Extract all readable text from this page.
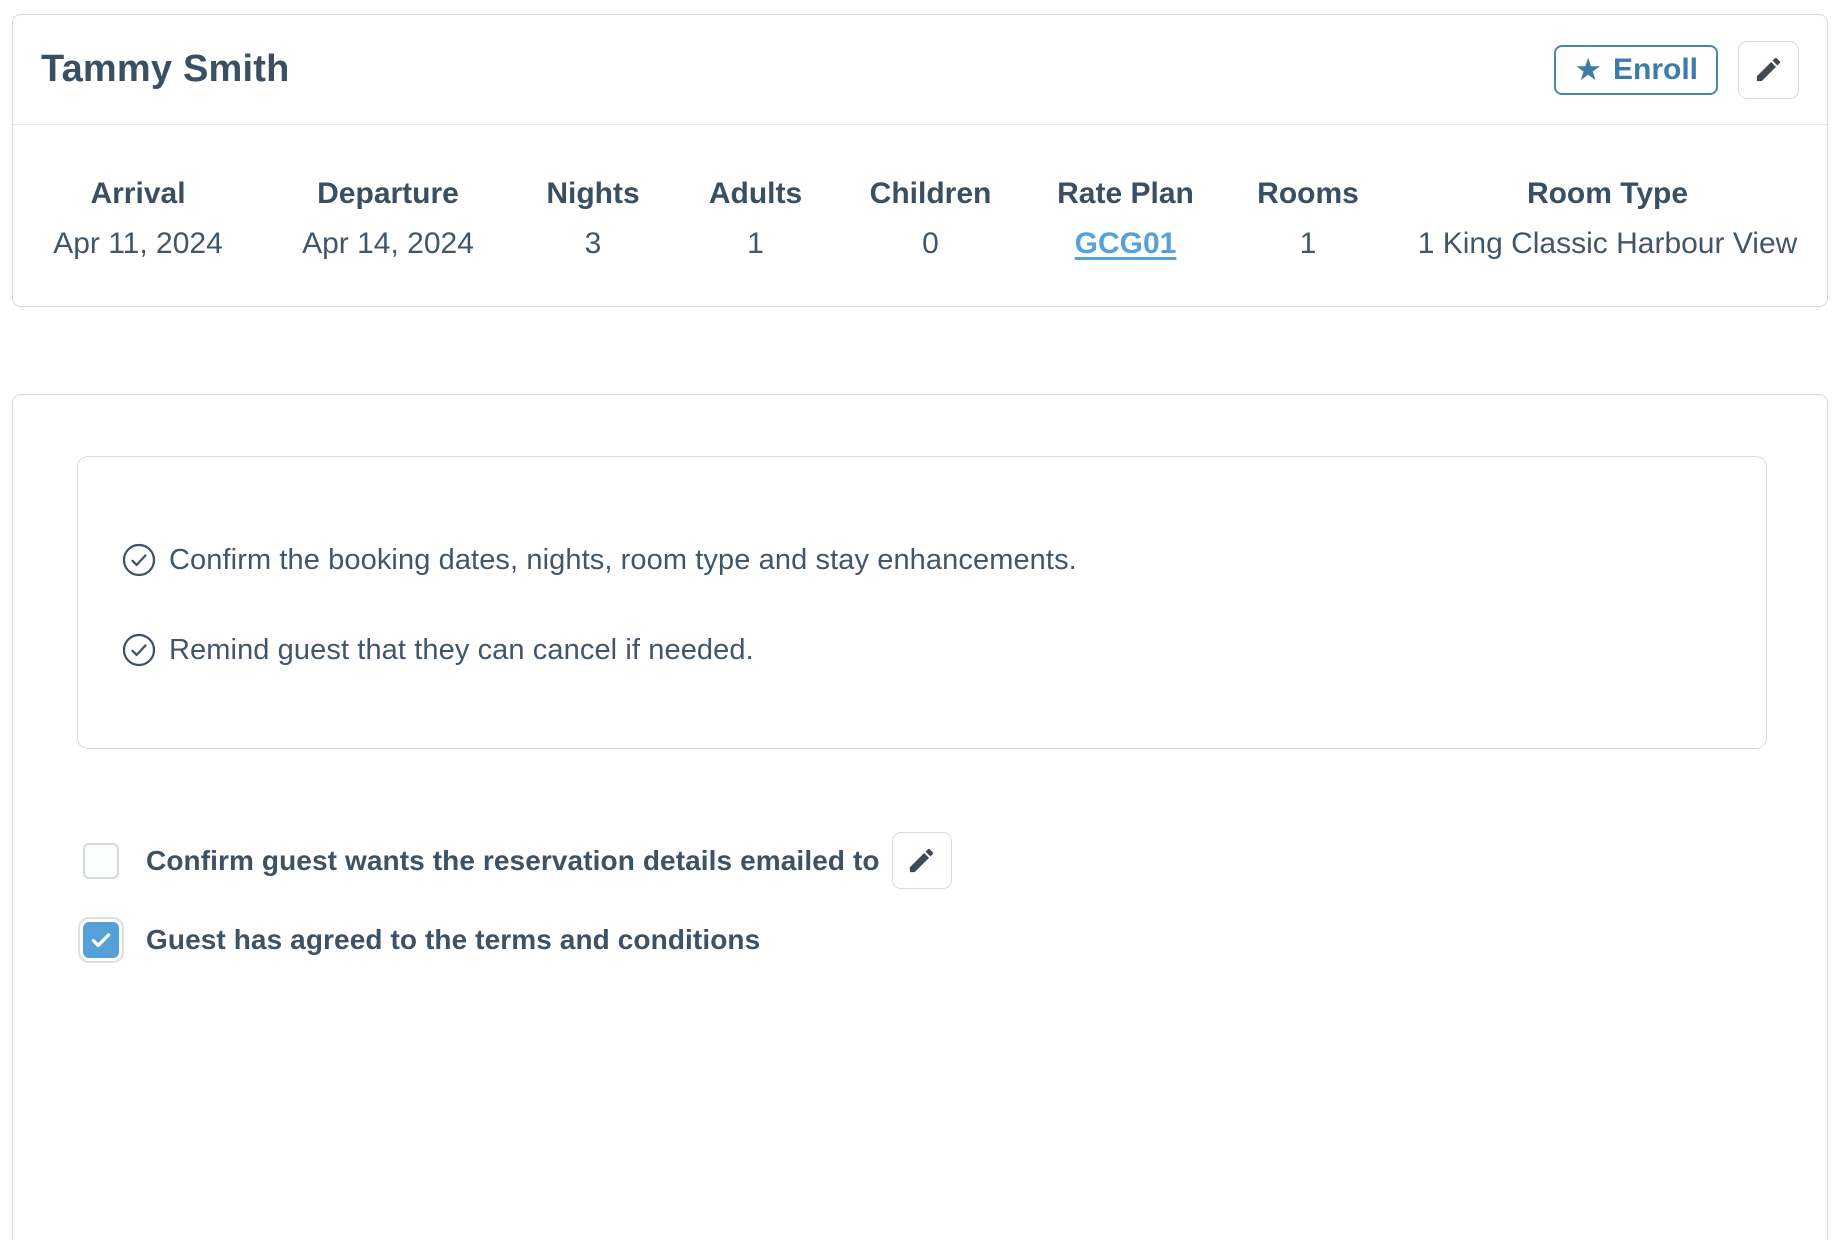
Tammy Smith	★ Enroll
Arrival
Apr 11, 2024
Departure
Apr 14, 2024
Nights
3
Adults
1
Children
0
Rate Plan
GCG01
Rooms
1
Room Type
1 King Classic Harbour View
Confirm the booking dates, nights, room type and stay enhancements.
Remind guest that they can cancel if needed.
Confirm guest wants the reservation details emailed to
Guest has agreed to the terms and conditions
